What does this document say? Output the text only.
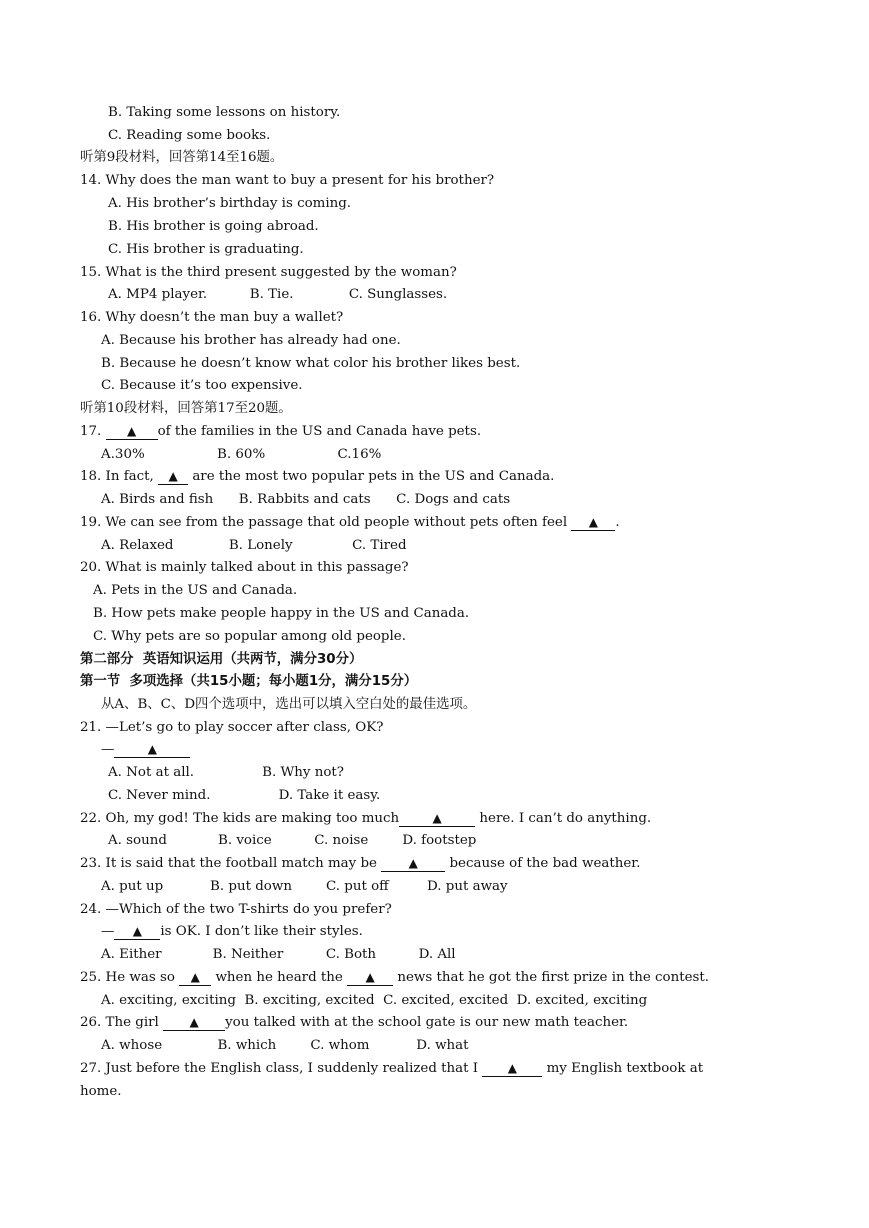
B. Taking some lessons on history.
C. Reading some books.
听第9段材料，回答第14至16题。
14. Why does the man want to buy a present for his brother?
A. His brother’s birthday is coming.
B. His brother is going abroad.
C. His brother is graduating.
15. What is the third present suggested by the woman?
A. MP4 player.          B. Tie.             C. Sunglasses.
16. Why doesn’t the man buy a wallet?
A. Because his brother has already had one.
B. Because he doesn’t know what color his brother likes best.
C. Because it’s too expensive.
听第10段材料，回答第17至20题。
17. ▲ of the families in the US and Canada have pets.
A.30%                 B. 60%                 C.16%
18. In fact, ▲ are the most two popular pets in the US and Canada.
A. Birds and fish      B. Rabbits and cats      C. Dogs and cats
19. We can see from the passage that old people without pets often feel ▲ .
A. Relaxed             B. Lonely              C. Tired
20. What is mainly talked about in this passage?
A. Pets in the US and Canada.
B. How pets make people happy in the US and Canada.
C. Why pets are so popular among old people.
第二部分  英语知识运用（共两节，满分30分）
第一节  多项选择（共15小题；每小题1分，满分15分）
从A、B、C、D四个选项中，选出可以填入空白处的最佳选项。
21. —Let’s go to play soccer after class, OK?
—	▲
A. Not at all.                B. Why not?
C. Never mind.                D. Take it easy.
22. Oh, my god! The kids are making too much	▲ here. I can’t do anything.
A. sound            B. voice          C. noise        D. footstep
23. It is said that the football match may be ▲ because of the bad weather.
A. put up           B. put down        C. put off         D. put away
24. —Which of the two T-shirts do you prefer?
— ▲ is OK. I don’t like their styles.
A. Either            B. Neither          C. Both          D. All
25. He was so ▲ when he heard the ▲ news that he got the first prize in the contest.
A. exciting, exciting  B. exciting, excited  C. excited, excited  D. excited, exciting
26. The girl ▲ you talked with at the school gate is our new math teacher.
A. whose             B. which        C. whom           D. what
27. Just before the English class, I suddenly realized that I ▲ my English textbook at
home.
